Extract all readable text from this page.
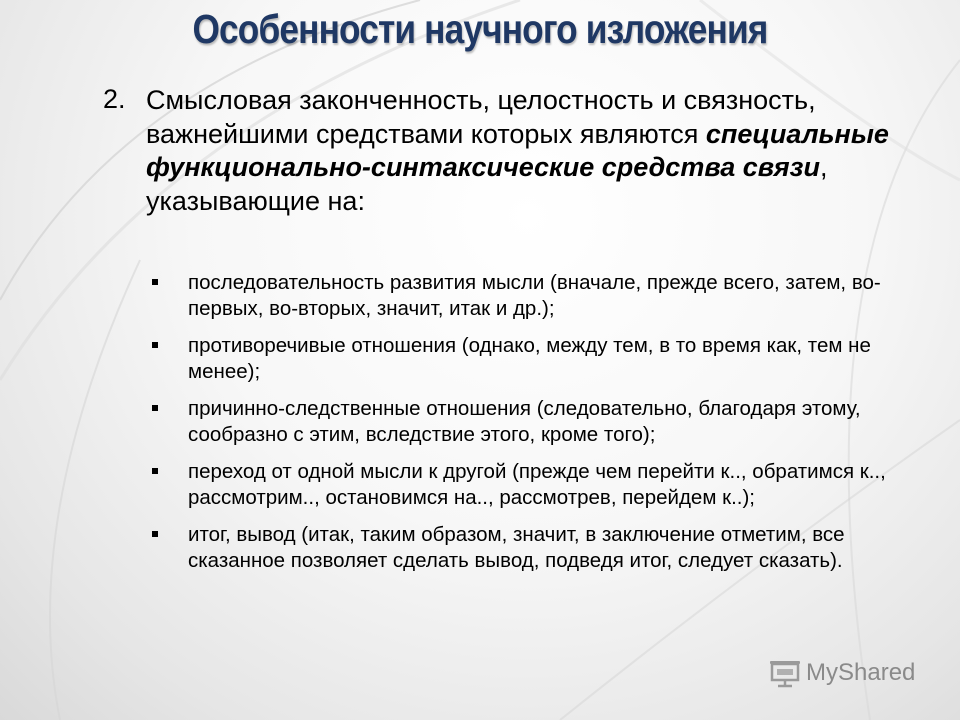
Особенности научного изложения
2. Смысловая законченность, целостность и связность, важнейшими средствами которых являются специальные функционально-синтаксические средства связи, указывающие на:
последовательность развития мысли (вначале, прежде всего, затем, во-первых, во-вторых, значит, итак и др.);
противоречивые отношения (однако, между тем, в то время как, тем не менее);
причинно-следственные отношения (следовательно, благодаря этому, сообразно с этим, вследствие этого, кроме того);
переход от одной мысли к другой (прежде чем перейти к.., обратимся к.., рассмотрим.., остановимся на.., рассмотрев, перейдем к..);
итог, вывод (итак, таким образом, значит, в заключение отметим, все сказанное позволяет сделать вывод, подведя итог, следует сказать).
MyShared
